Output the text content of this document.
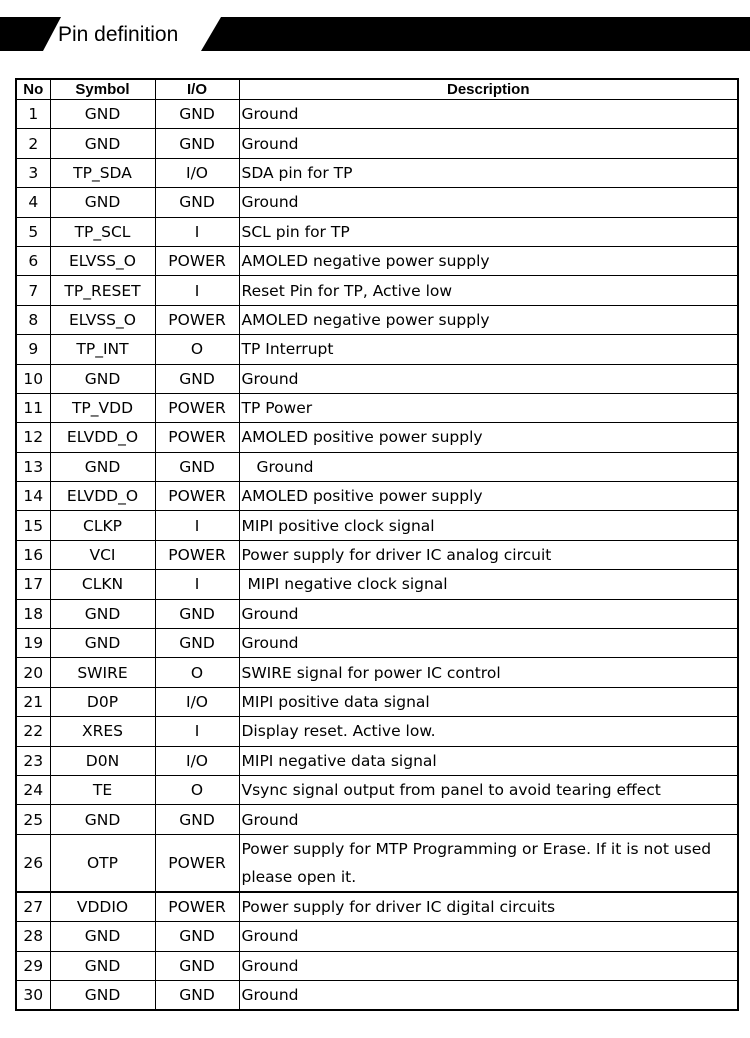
Pin definition
No	Symbol	I/O	Description
1	GND	GND	Ground
2	GND	GND	Ground
3	TP_SDA	I/O	SDA pin for TP
4	GND	GND	Ground
5	TP_SCL	I	SCL pin for TP
6	ELVSS_O	POWER	AMOLED negative power supply
7	TP_RESET	I	Reset Pin for TP, Active low
8	ELVSS_O	POWER	AMOLED negative power supply
9	TP_INT	O	TP Interrupt
10	GND	GND	Ground
11	TP_VDD	POWER	TP Power
12	ELVDD_O	POWER	AMOLED positive power supply
13	GND	GND	Ground
14	ELVDD_O	POWER	AMOLED positive power supply
15	CLKP	I	MIPI positive clock signal
16	VCI	POWER	Power supply for driver IC analog circuit
17	CLKN	I	MIPI negative clock signal
18	GND	GND	Ground
19	GND	GND	Ground
20	SWIRE	O	SWIRE signal for power IC control
21	D0P	I/O	MIPI positive data signal
22	XRES	I	Display reset. Active low.
23	D0N	I/O	MIPI negative data signal
24	TE	O	Vsync signal output from panel to avoid tearing effect
25	GND	GND	Ground
26	OTP	POWER	Power supply for MTP Programming or Erase. If it is not used please open it.
27	VDDIO	POWER	Power supply for driver IC digital circuits
28	GND	GND	Ground
29	GND	GND	Ground
30	GND	GND	Ground
